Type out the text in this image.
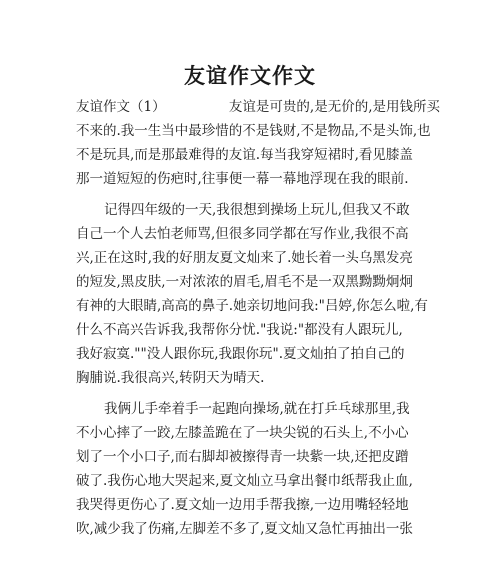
友谊作文作文
友谊作文（1）	友谊是可贵的,是无价的,是用钱所买
不来的.我一生当中最珍惜的不是钱财,不是物品,不是头饰,也
不是玩具,而是那最难得的友谊.每当我穿短裙时,看见膝盖
那一道短短的伤疤时,往事便一幕一幕地浮现在我的眼前.
记得四年级的一天,我很想到操场上玩儿,但我又不敢
自己一个人去怕老师骂,但很多同学都在写作业,我很不高
兴,正在这时,我的好朋友夏文灿来了.她长着一头乌黑发亮
的短发,黑皮肤,一对浓浓的眉毛,眉毛不是一双黑黝黝炯炯
有神的大眼睛,高高的鼻子.她亲切地问我:"吕婷,你怎么啦,有
什么不高兴告诉我,我帮你分忧."我说:"都没有人跟玩儿,
我好寂寞.""没人跟你玩,我跟你玩".夏文灿拍了拍自己的
胸脯说.我很高兴,转阴天为晴天.
我俩儿手牵着手一起跑向操场,就在打乒乓球那里,我
不小心摔了一跤,左膝盖跪在了一块尖锐的石头上,不小心
划了一个小口子,而右脚却被擦得青一块紫一块,还把皮蹭
破了.我伤心地大哭起来,夏文灿立马拿出餐巾纸帮我止血,
我哭得更伤心了.夏文灿一边用手帮我擦,一边用嘴轻轻地
吹,减少我了伤痛,左脚差不多了,夏文灿又急忙再抽出一张
